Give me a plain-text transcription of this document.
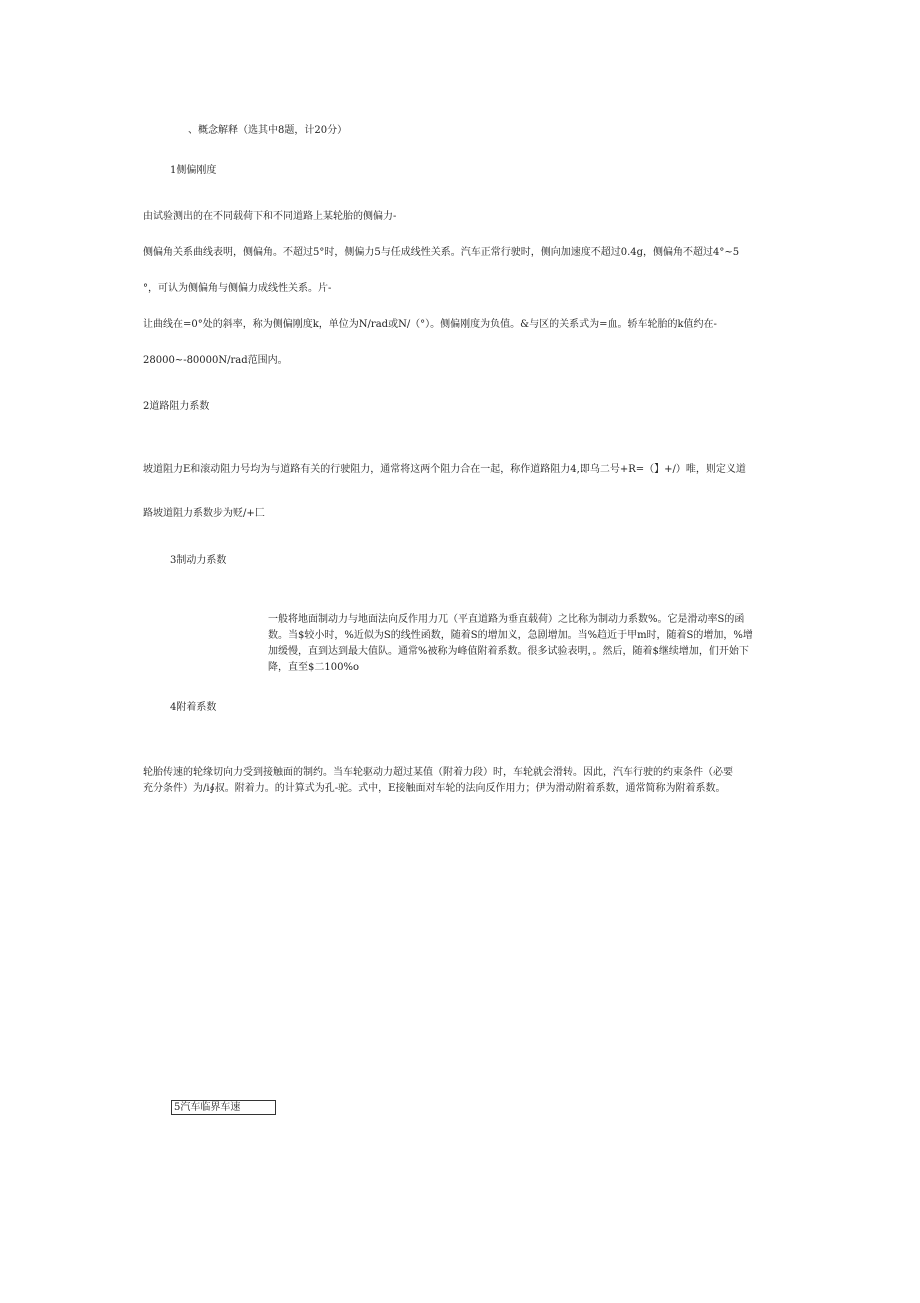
、概念解释（选其中8题，计20分）
1侧偏刚度
由试验测出的在不同载荷下和不同道路上某轮胎的侧偏力-
侧偏角关系曲线表明，侧偏角。不超过5°时，侧偏力5与任成线性关系。汽车正常行驶时，侧向加速度不超过0.4g，侧偏角不超过4°~5
°，可认为侧偏角与侧偏力成线性关系。片-
让曲线在=0°处的斜率，称为侧偏刚度k，单位为N/rad或N/（°）。侧偏刚度为负值。&与区的关系式为=血。轿车轮胎的k值约在-
28000~-80000N/rad范围内。
2道路阻力系数
坡道阻力E和滚动阻力号均为与道路有关的行驶阻力，通常将这两个阻力合在一起，称作道路阻力4,即乌二号+R=（】+/）唯，则定义道
路坡道阻力系数步为贬/+匚
3制动力系数
一般将地面制动力与地面法向反作用力兀（平直道路为垂直载荷）之比称为制动力系数%。它是滑动率S的函
数。当$较小时，%近似为S的线性函数，随着S的增加义，急剧增加。当%趋近于甲m时，随着S的增加，%增
加缓慢，直到达到最大值队。通常%被称为峰值附着系数。很多试验表明，。然后，随着$继续增加，们开始下
降，直至$二100%o
4附着系数
轮胎传速的轮缘切向力受到接触面的制约。当车轮驱动力超过某值（附着力段）时，车轮就会滑转。因此，汽车行驶的约束条件（必要
充分条件）为/i∮叔。附着力。的计算式为孔-驼。式中，E接触面对车轮的法向反作用力；伊为滑动附着系数，通常简称为附着系数。
5汽车临界车速
